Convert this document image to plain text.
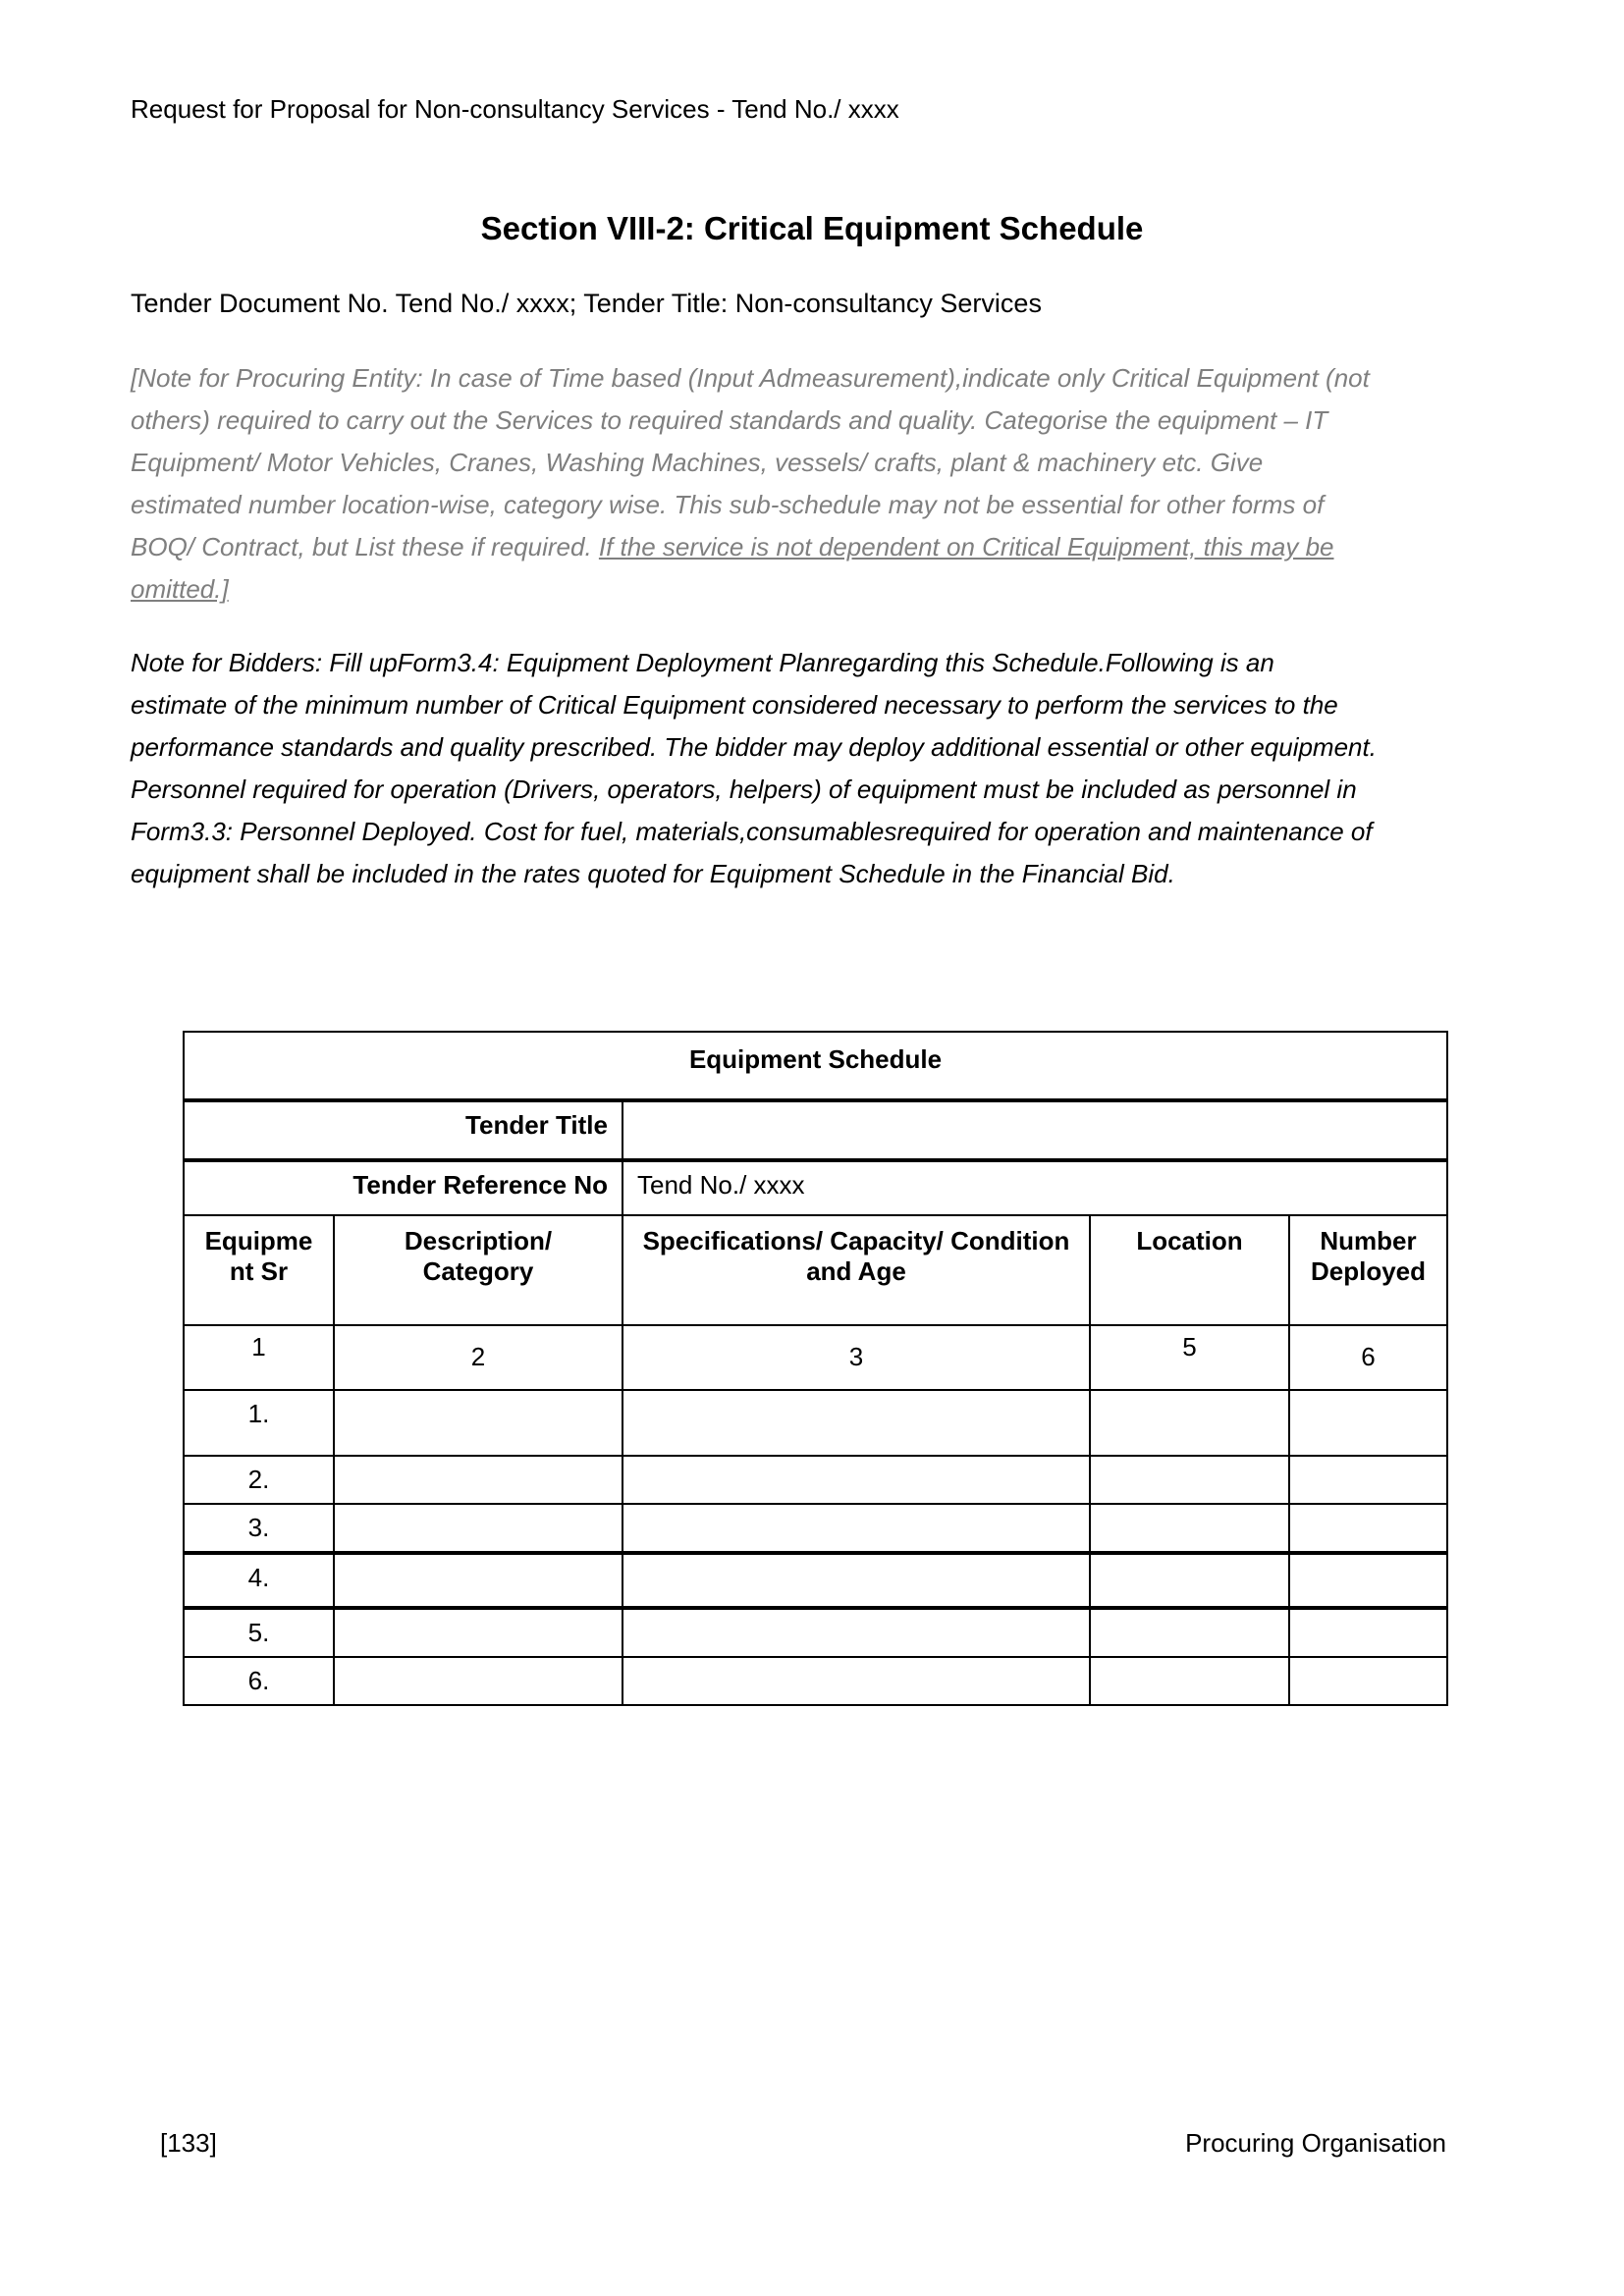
Request for Proposal for Non-consultancy Services - Tend No./ xxxx
Section VIII-2: Critical Equipment Schedule
Tender Document No. Tend No./ xxxx; Tender Title: Non-consultancy Services
[Note for Procuring Entity: In case of Time based (Input Admeasurement),indicate only Critical Equipment (not others) required to carry out the Services to required standards and quality. Categorise the equipment – IT Equipment/ Motor Vehicles, Cranes, Washing Machines, vessels/ crafts, plant & machinery etc. Give estimated number location-wise, category wise. This sub-schedule may not be essential for other forms of BOQ/ Contract, but List these if required. If the service is not dependent on Critical Equipment, this may be omitted.]
Note for Bidders: Fill upForm3.4: Equipment Deployment Planregarding this Schedule.Following is an estimate of the minimum number of Critical Equipment considered necessary to perform the services to the performance standards and quality prescribed. The bidder may deploy additional essential or other equipment. Personnel required for operation (Drivers, operators, helpers) of equipment must be included as personnel in Form3.3: Personnel Deployed. Cost for fuel, materials,consumablesrequired for operation and maintenance of equipment shall be included in the rates quoted for Equipment Schedule in the Financial Bid.
Equipment Schedule				
Tender Title				
Tender Reference No		Tend No./ xxxx		
Equipment Sr	Description/ Category	Specifications/ Capacity/ Condition and Age	Location	Number Deployed
1	2	3	5	6
1.				
2.				
3.				
4.				
5.				
6.				
[133]	Procuring Organisation
